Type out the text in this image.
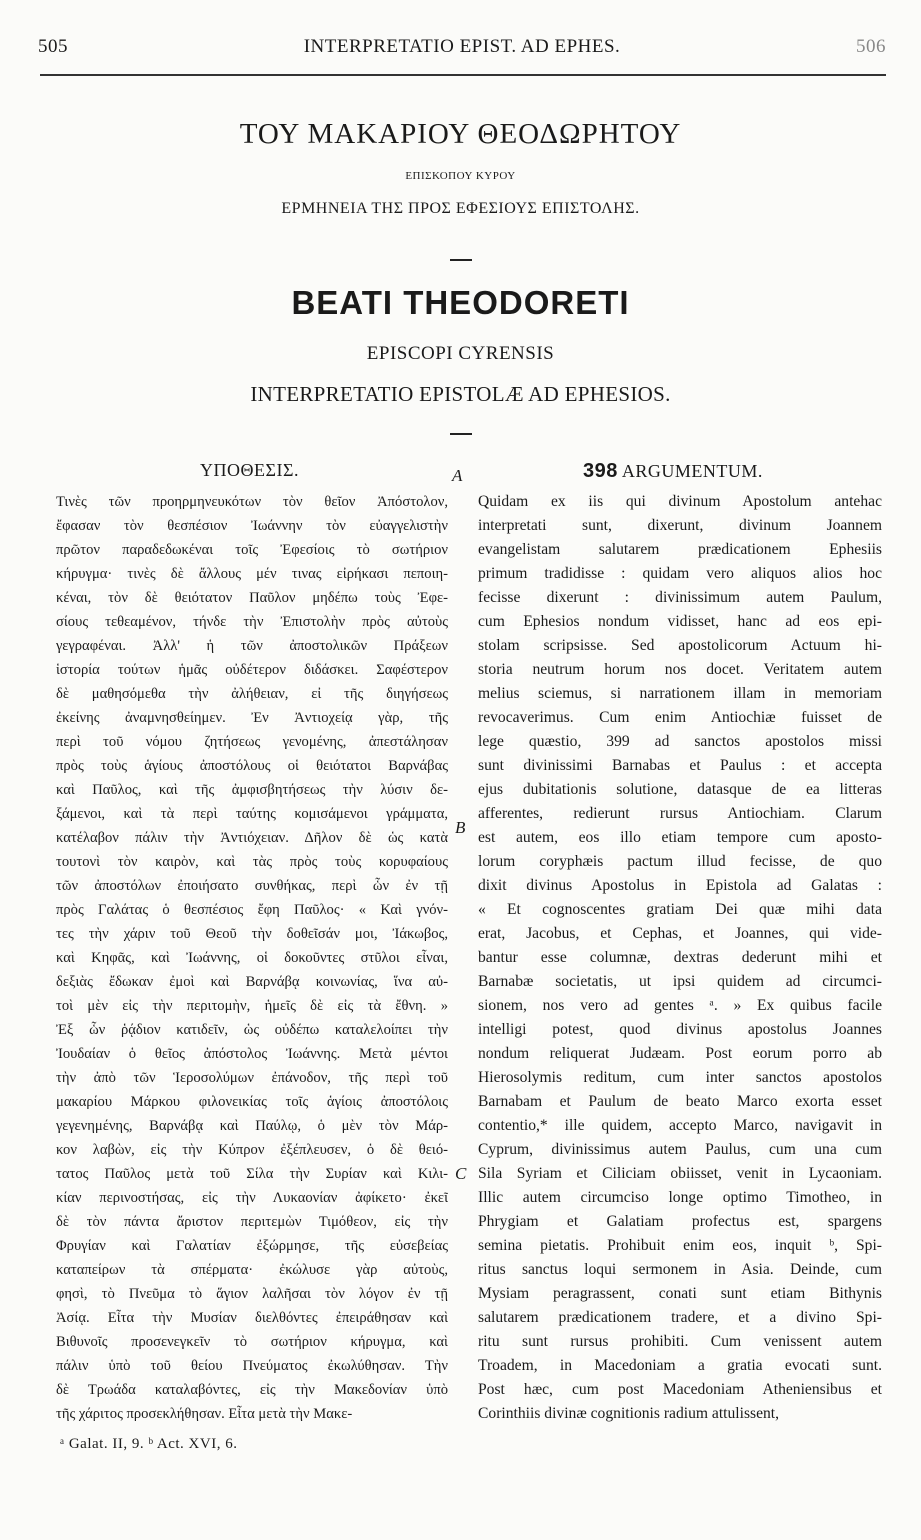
505	INTERPRETATIO EPIST. AD EPHES.	506
ΤΟΥ ΜΑΚΑΡΙΟΥ ΘΕΟΔΩΡΗΤΟΥ
ΕΠΙΣΚΟΠΟΥ ΚΥΡΟΥ
ΕΡΜΗΝΕΙΑ ΤΗΣ ΠΡΟΣ ΕΦΕΣΙΟΥΣ ΕΠΙΣΤΟΛΗΣ.
BEATI THEODORETI
EPISCOPI CYRENSIS
INTERPRETATIO EPISTOLÆ AD EPHESIOS.
ΥΠΟΘΕΣΙΣ.	398 ARGUMENTUM.
A
B
C
Τινὲς τῶν προηρμηνευκότων τὸν θεῖον Ἀπόστολον,
ἔφασαν τὸν θεσπέσιον Ἰωάννην τὸν εὐαγγελιστὴν
πρῶτον παραδεδωκέναι τοῖς Ἐφεσίοις τὸ σωτήριον
κήρυγμα· τινὲς δὲ ἄλλους μέν τινας εἰρήκασι πεποιη-
κέναι, τὸν δὲ θειότατον Παῦλον μηδέπω τοὺς Ἐφε-
σίους τεθεαμένον, τήνδε τὴν Ἐπιστολὴν πρὸς αὐτοὺς
γεγραφέναι. Ἀλλ' ἡ τῶν ἀποστολικῶν Πράξεων
ἱστορία τούτων ἡμᾶς οὐδέτερον διδάσκει. Σαφέστερον
δὲ μαθησόμεθα τὴν ἀλήθειαν, εἰ τῆς διηγήσεως
ἐκείνης ἀναμνησθείημεν. Ἐν Ἀντιοχείᾳ γὰρ, τῆς
περὶ τοῦ νόμου ζητήσεως γενομένης, ἀπεστάλησαν
πρὸς τοὺς ἁγίους ἀποστόλους οἱ θειότατοι Βαρνάβας
καὶ Παῦλος, καὶ τῆς ἀμφισβητήσεως τὴν λύσιν δε-
ξάμενοι, καὶ τὰ περὶ ταύτης κομισάμενοι γράμματα,
κατέλαβον πάλιν τὴν Ἀντιόχειαν. Δῆλον δὲ ὡς κατὰ
τουτονὶ τὸν καιρὸν, καὶ τὰς πρὸς τοὺς κορυφαίους
τῶν ἀποστόλων ἐποιήσατο συνθήκας, περὶ ὧν ἐν τῇ
πρὸς Γαλάτας ὁ θεσπέσιος ἔφη Παῦλος· « Καὶ γνόν-
τες τὴν χάριν τοῦ Θεοῦ τὴν δοθεῖσάν μοι, Ἰάκωβος,
καὶ Κηφᾶς, καὶ Ἰωάννης, οἱ δοκοῦντες στῦλοι εἶναι,
δεξιὰς ἔδωκαν ἐμοὶ καὶ Βαρνάβᾳ κοινωνίας, ἵνα αὐ-
τοὶ μὲν εἰς τὴν περιτομὴν, ἡμεῖς δὲ εἰς τὰ ἔθνη. »
Ἐξ ὧν ῥᾴδιον κατιδεῖν, ὡς οὐδέπω καταλελοίπει τὴν
Ἰουδαίαν ὁ θεῖος ἀπόστολος Ἰωάννης. Μετὰ μέντοι
τὴν ἀπὸ τῶν Ἱεροσολύμων ἐπάνοδον, τῆς περὶ τοῦ
μακαρίου Μάρκου φιλονεικίας τοῖς ἁγίοις ἀποστόλοις
γεγενημένης, Βαρνάβᾳ καὶ Παύλῳ, ὁ μὲν τὸν Μάρ-
κον λαβὼν, εἰς τὴν Κύπρον ἐξέπλευσεν, ὁ δὲ θειό-
τατος Παῦλος μετὰ τοῦ Σίλα τὴν Συρίαν καὶ Κιλι-
κίαν περινοστήσας, εἰς τὴν Λυκαονίαν ἀφίκετο· ἐκεῖ
δὲ τὸν πάντα ἄριστον περιτεμὼν Τιμόθεον, εἰς τὴν
Φρυγίαν καὶ Γαλατίαν ἐξώρμησε, τῆς εὐσεβείας
καταπείρων τὰ σπέρματα· ἐκώλυσε γὰρ αὐτοὺς,
φησὶ, τὸ Πνεῦμα τὸ ἅγιον λαλῆσαι τὸν λόγον ἐν τῇ
Ἀσίᾳ. Εἶτα τὴν Μυσίαν διελθόντες ἐπειράθησαν καὶ
Βιθυνοῖς προσενεγκεῖν τὸ σωτήριον κήρυγμα, καὶ
πάλιν ὑπὸ τοῦ θείου Πνεύματος ἐκωλύθησαν. Τὴν
δὲ Τρωάδα καταλαβόντες, εἰς τὴν Μακεδονίαν ὑπὸ
τῆς χάριτος προσεκλήθησαν. Εἶτα μετὰ τὴν Μακε-
Quidam ex iis qui divinum Apostolum antehac
interpretati sunt, dixerunt, divinum Joannem
evangelistam salutarem prædicationem Ephesiis
primum tradidisse : quidam vero aliquos alios hoc
fecisse dixerunt : divinissimum autem Paulum,
cum Ephesios nondum vidisset, hanc ad eos epi-
stolam scripsisse. Sed apostolicorum Actuum hi-
storia neutrum horum nos docet. Veritatem autem
melius sciemus, si narrationem illam in memoriam
revocaverimus. Cum enim Antiochiæ fuisset de
lege quæstio, 399 ad sanctos apostolos missi
sunt divinissimi Barnabas et Paulus : et accepta
ejus dubitationis solutione, datasque de ea litteras
afferentes, redierunt rursus Antiochiam. Clarum
est autem, eos illo etiam tempore cum aposto-
lorum coryphæis pactum illud fecisse, de quo
dixit divinus Apostolus in Epistola ad Galatas :
« Et cognoscentes gratiam Dei quæ mihi data
erat, Jacobus, et Cephas, et Joannes, qui vide-
bantur esse columnæ, dextras dederunt mihi et
Barnabæ societatis, ut ipsi quidem ad circumci-
sionem, nos vero ad gentes ᵃ. » Ex quibus facile
intelligi potest, quod divinus apostolus Joannes
nondum reliquerat Judæam. Post eorum porro ab
Hierosolymis reditum, cum inter sanctos apostolos
Barnabam et Paulum de beato Marco exorta esset
contentio,* ille quidem, accepto Marco, navigavit in
Cyprum, divinissimus autem Paulus, cum una cum
Sila Syriam et Ciliciam obiisset, venit in Lycaoniam.
Illic autem circumciso longe optimo Timotheo, in
Phrygiam et Galatiam profectus est, spargens
semina pietatis. Prohibuit enim eos, inquit ᵇ, Spi-
ritus sanctus loqui sermonem in Asia. Deinde, cum
Mysiam peragrassent, conati sunt etiam Bithynis
salutarem prædicationem tradere, et a divino Spi-
ritu sunt rursus prohibiti. Cum venissent autem
Troadem, in Macedoniam a gratia evocati sunt.
Post hæc, cum post Macedoniam Atheniensibus et
Corinthiis divinæ cognitionis radium attulissent,
ᵃ Galat. II, 9. ᵇ Act. XVI, 6.
